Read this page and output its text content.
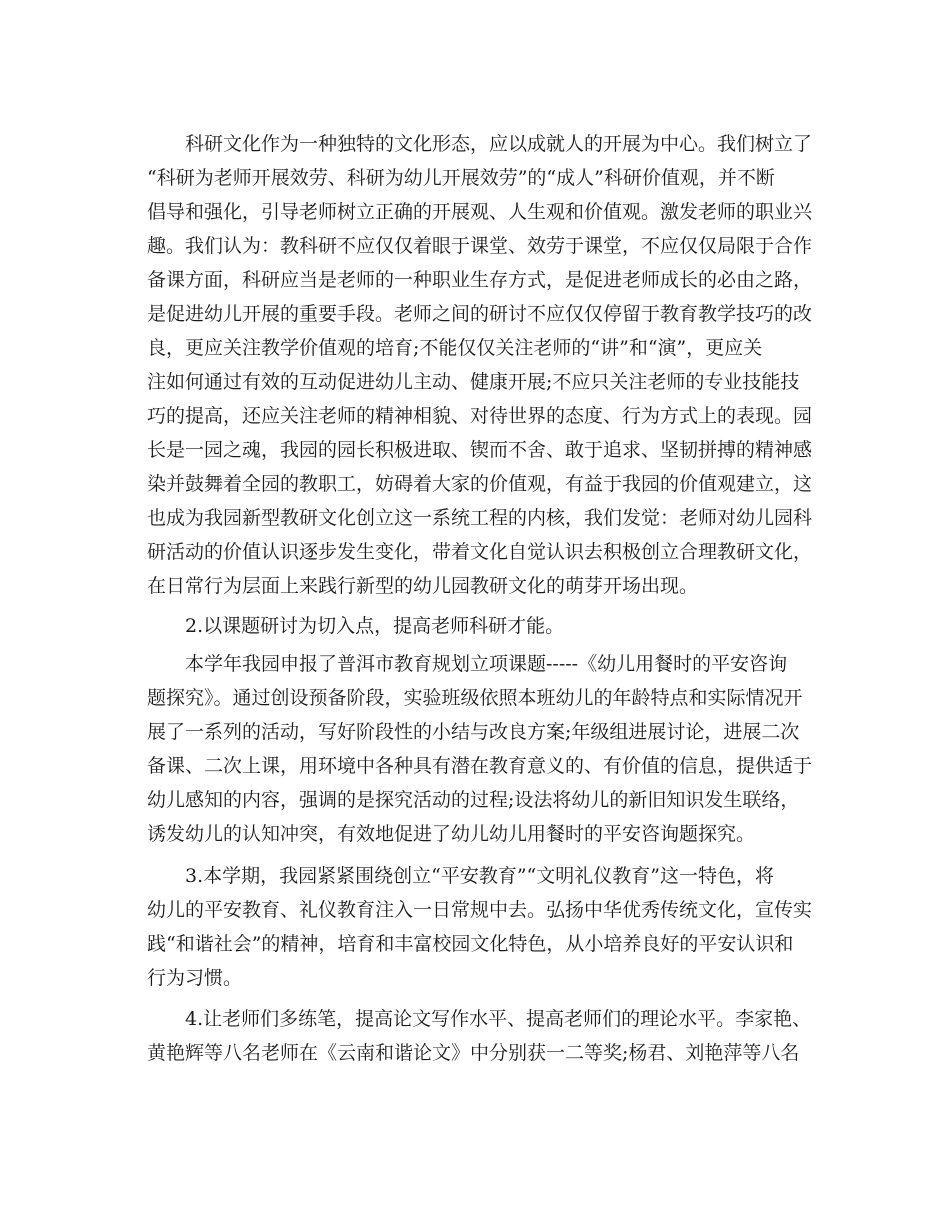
科研文化作为一种独特的文化形态，应以成就人的开展为中心。我们树立了

“科研为老师开展效劳、科研为幼儿开展效劳”的“成人”科研价值观，并不断

倡导和强化，引导老师树立正确的开展观、人生观和价值观。激发老师的职业兴

趣。我们认为：教科研不应仅仅着眼于课堂、效劳于课堂，不应仅仅局限于合作

备课方面，科研应当是老师的一种职业生存方式，是促进老师成长的必由之路，

是促进幼儿开展的重要手段。老师之间的研讨不应仅仅停留于教育教学技巧的改

良，更应关注教学价值观的培育;不能仅仅关注老师的“讲”和“演”，更应关

注如何通过有效的互动促进幼儿主动、健康开展;不应只关注老师的专业技能技

巧的提高，还应关注老师的精神相貌、对待世界的态度、行为方式上的表现。园

长是一园之魂，我园的园长积极进取、锲而不舍、敢于追求、坚韧拼搏的精神感

染并鼓舞着全园的教职工，妨碍着大家的价值观，有益于我园的价值观建立，这

也成为我园新型教研文化创立这一系统工程的内核，我们发觉：老师对幼儿园科

研活动的价值认识逐步发生变化，带着文化自觉认识去积极创立合理教研文化，

在日常行为层面上来践行新型的幼儿园教研文化的萌芽开场出现。

2.以课题研讨为切入点，提高老师科研才能。

本学年我园申报了普洱市教育规划立项课题-----《幼儿用餐时的平安咨询

题探究》。通过创设预备阶段，实验班级依照本班幼儿的年龄特点和实际情况开

展了一系列的活动，写好阶段性的小结与改良方案;年级组进展讨论，进展二次

备课、二次上课，用环境中各种具有潜在教育意义的、有价值的信息，提供适于

幼儿感知的内容，强调的是探究活动的过程;设法将幼儿的新旧知识发生联络，

诱发幼儿的认知冲突，有效地促进了幼儿幼儿用餐时的平安咨询题探究。

3.本学期，我园紧紧围绕创立“平安教育”“文明礼仪教育”这一特色，将

幼儿的平安教育、礼仪教育注入一日常规中去。弘扬中华优秀传统文化，宣传实

践“和谐社会”的精神，培育和丰富校园文化特色，从小培养良好的平安认识和

行为习惯。

4.让老师们多练笔，提高论文写作水平、提高老师们的理论水平。李家艳、

黄艳辉等八名老师在《云南和谐论文》中分别获一二等奖;杨君、刘艳萍等八名
